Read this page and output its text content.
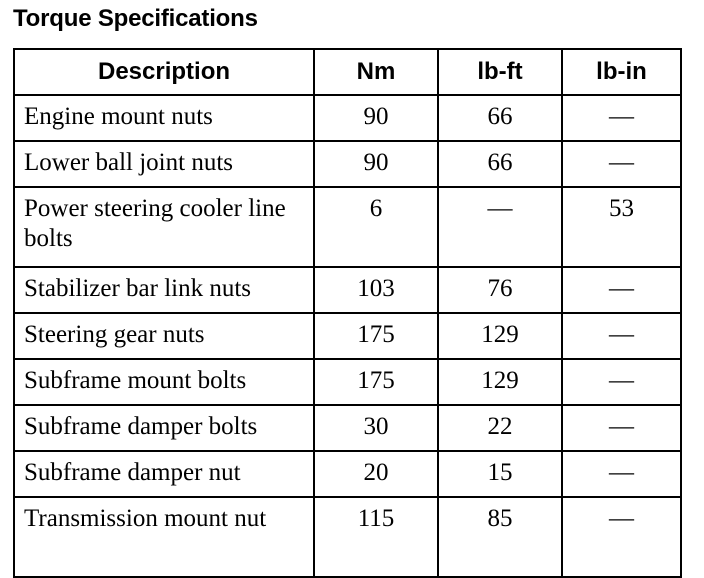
Torque Specifications
Description	Nm	lb-ft	lb-in
Engine mount nuts	90	66	—
Lower ball joint nuts	90	66	—
Power steering cooler line bolts	6	—	53
Stabilizer bar link nuts	103	76	—
Steering gear nuts	175	129	—
Subframe mount bolts	175	129	—
Subframe damper bolts	30	22	—
Subframe damper nut	20	15	—
Transmission mount nut	115	85	—
